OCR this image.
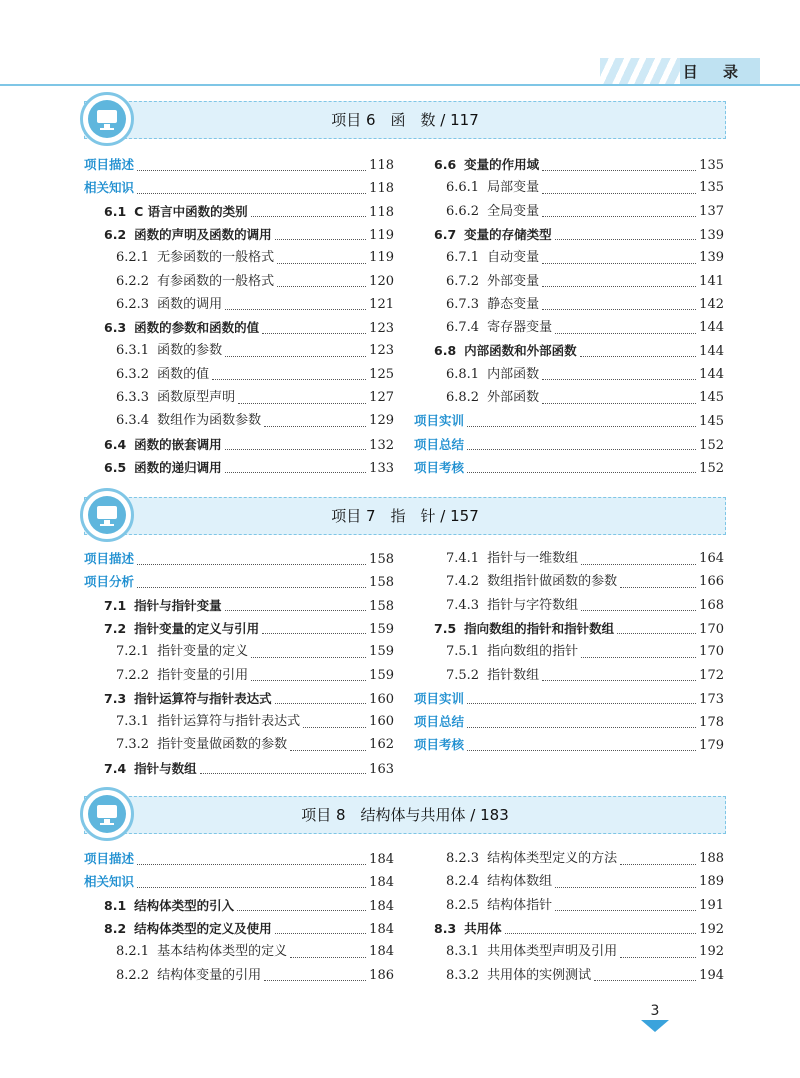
目 录
项目 6　函　数 / 117
项目描述	118
相关知识	118
6.1 C 语言中函数的类别	118
6.2 函数的声明及函数的调用	119
6.2.1 无参函数的一般格式	119
6.2.2 有参函数的一般格式	120
6.2.3 函数的调用	121
6.3 函数的参数和函数的值	123
6.3.1 函数的参数	123
6.3.2 函数的值	125
6.3.3 函数原型声明	127
6.3.4 数组作为函数参数	129
6.4 函数的嵌套调用	132
6.5 函数的递归调用	133
6.6 变量的作用域	135
6.6.1 局部变量	135
6.6.2 全局变量	137
6.7 变量的存储类型	139
6.7.1 自动变量	139
6.7.2 外部变量	141
6.7.3 静态变量	142
6.7.4 寄存器变量	144
6.8 内部函数和外部函数	144
6.8.1 内部函数	144
6.8.2 外部函数	145
项目实训	145
项目总结	152
项目考核	152
项目 7　指　针 / 157
项目描述	158
项目分析	158
7.1 指针与指针变量	158
7.2 指针变量的定义与引用	159
7.2.1 指针变量的定义	159
7.2.2 指针变量的引用	159
7.3 指针运算符与指针表达式	160
7.3.1 指针运算符与指针表达式	160
7.3.2 指针变量做函数的参数	162
7.4 指针与数组	163
7.4.1 指针与一维数组	164
7.4.2 数组指针做函数的参数	166
7.4.3 指针与字符数组	168
7.5 指向数组的指针和指针数组	170
7.5.1 指向数组的指针	170
7.5.2 指针数组	172
项目实训	173
项目总结	178
项目考核	179
项目 8　结构体与共用体 / 183
项目描述	184
相关知识	184
8.1 结构体类型的引入	184
8.2 结构体类型的定义及使用	184
8.2.1 基本结构体类型的定义	184
8.2.2 结构体变量的引用	186
8.2.3 结构体类型定义的方法	188
8.2.4 结构体数组	189
8.2.5 结构体指针	191
8.3 共用体	192
8.3.1 共用体类型声明及引用	192
8.3.2 共用体的实例测试	194
3
